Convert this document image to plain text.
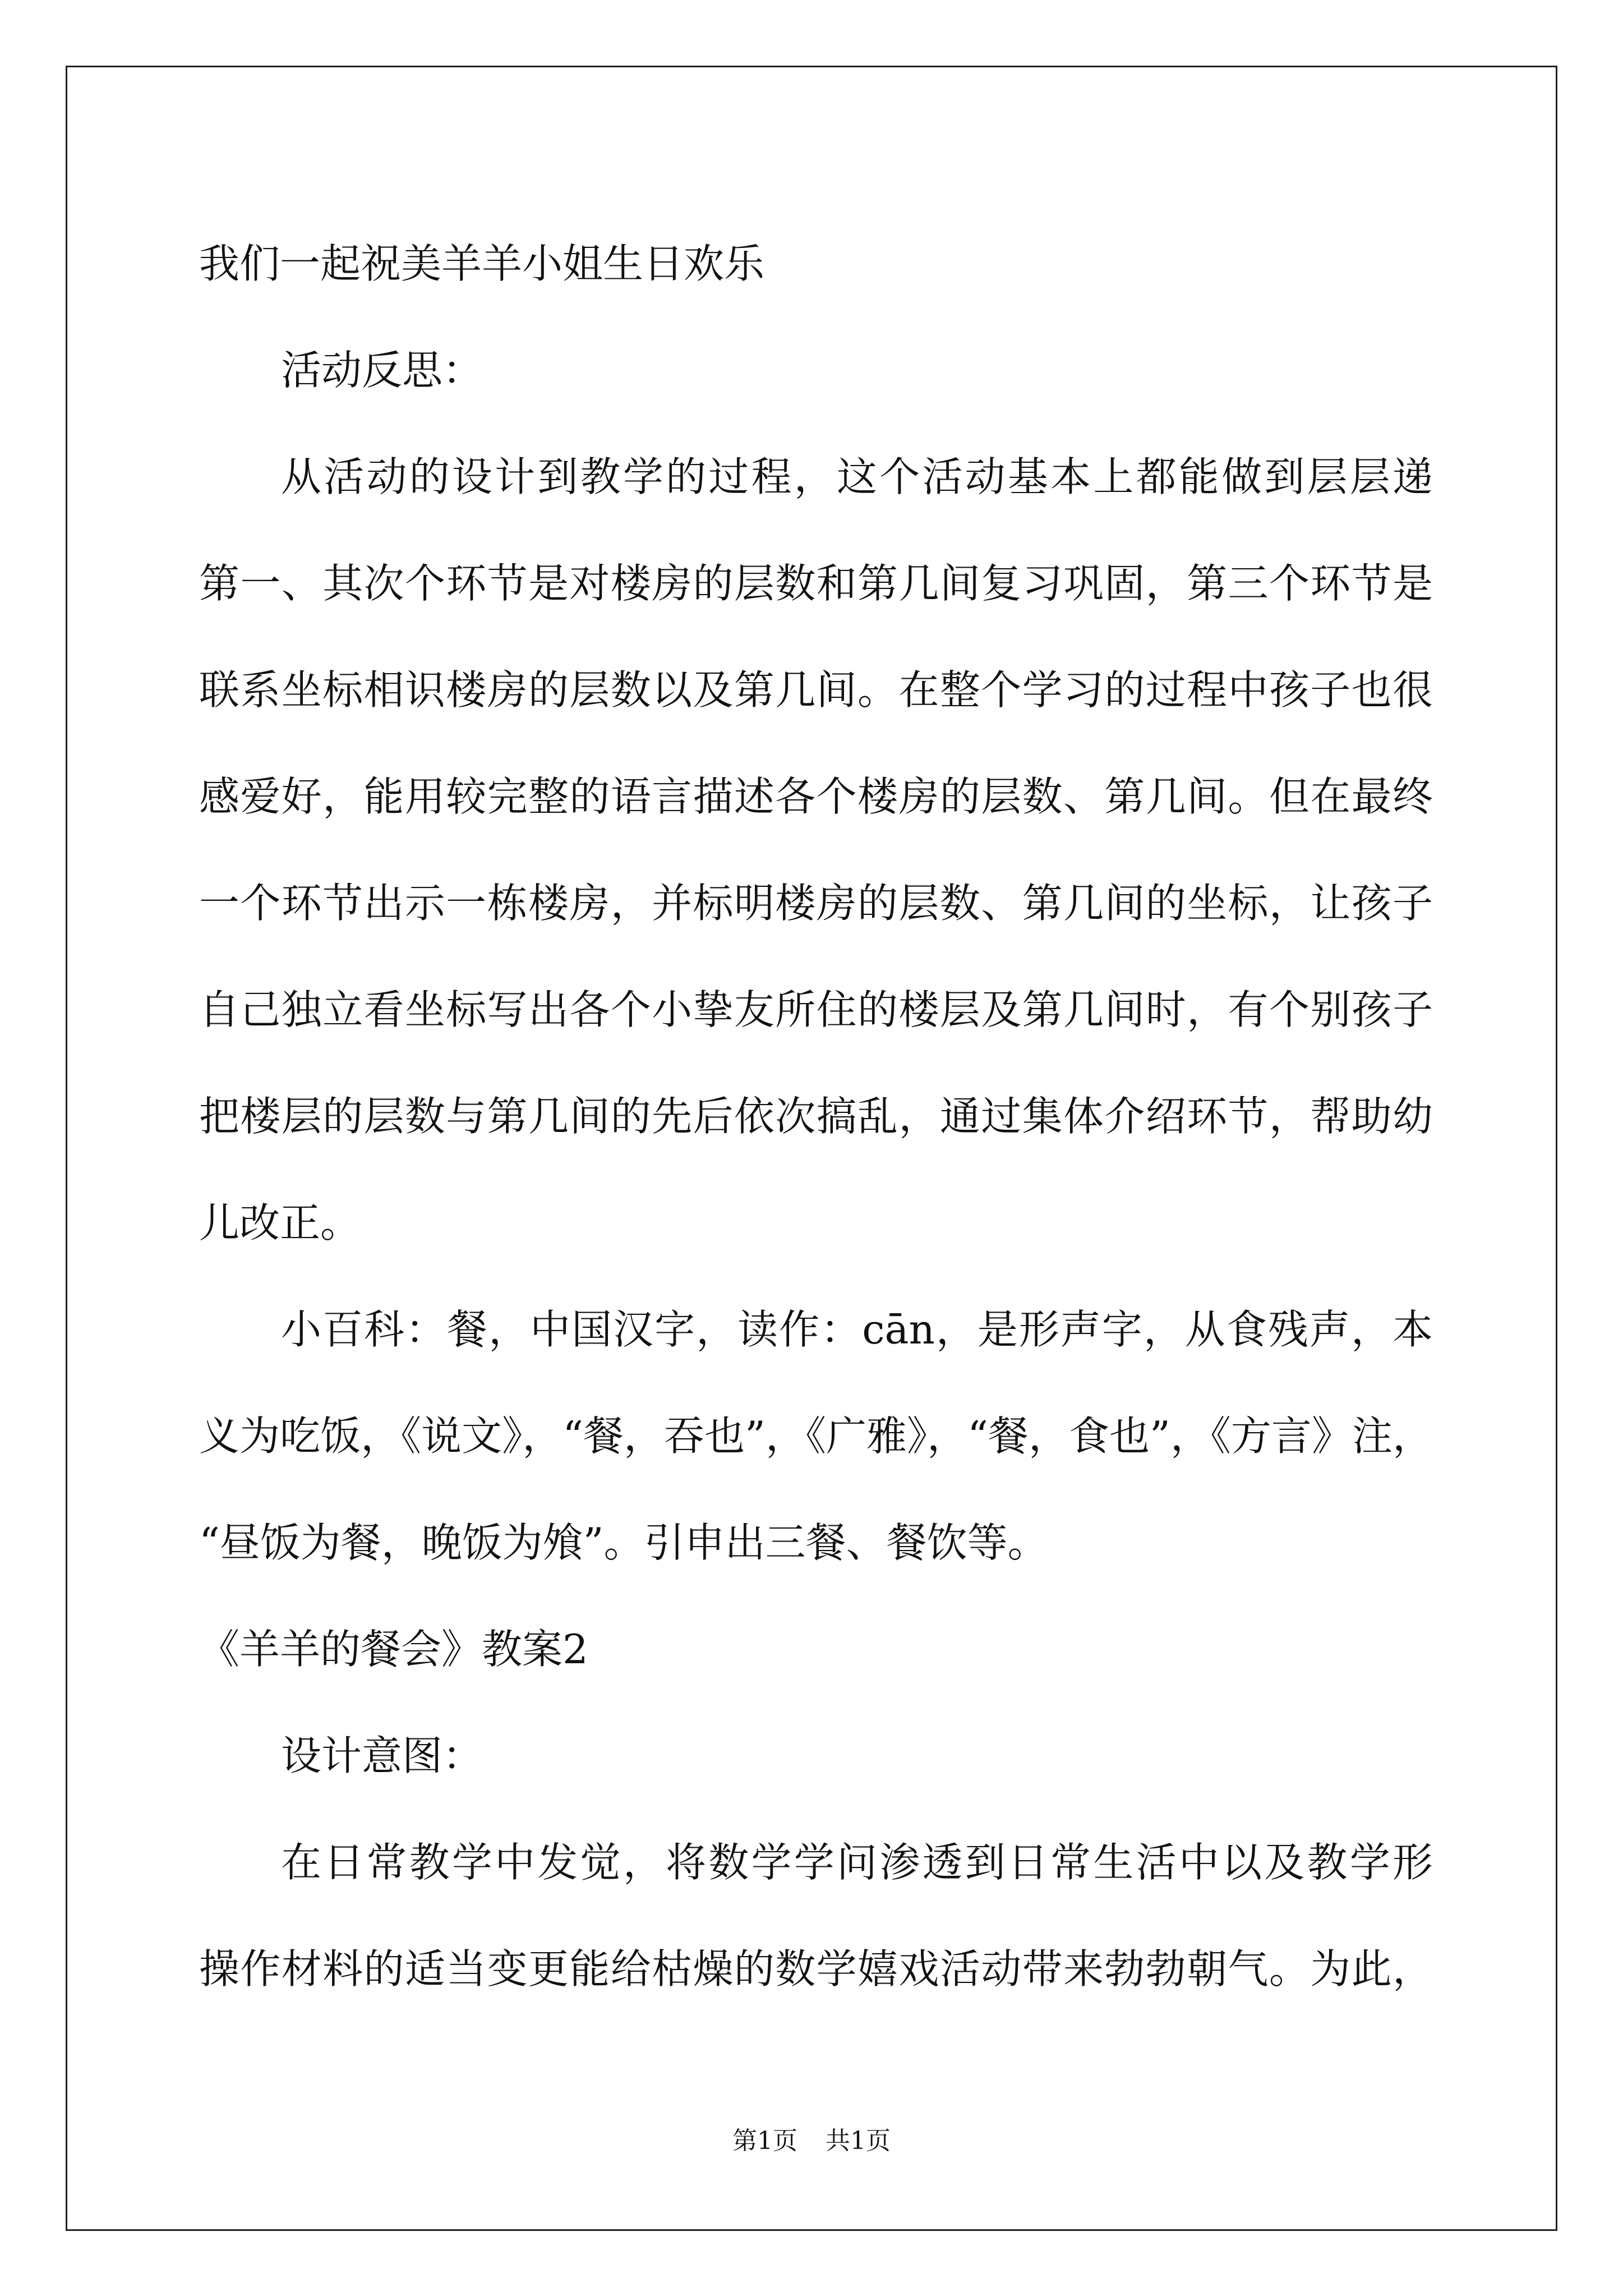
我们一起祝美羊羊小姐生日欢乐
活动反思：
从活动的设计到教学的过程，这个活动基本上都能做到层层递
第一、其次个环节是对楼房的层数和第几间复习巩固，第三个环节是
联系坐标相识楼房的层数以及第几间。在整个学习的过程中孩子也很
感爱好，能用较完整的语言描述各个楼房的层数、第几间。但在最终
一个环节出示一栋楼房，并标明楼房的层数、第几间的坐标，让孩子
自己独立看坐标写出各个小挚友所住的楼层及第几间时，有个别孩子
把楼层的层数与第几间的先后依次搞乱，通过集体介绍环节，帮助幼
儿改正。
小百科：餐，中国汉字，读作：cān，是形声字，从食残声，本
义为吃饭，《说文》，“餐，吞也”，《广雅》，“餐，食也”，《方言》注，
“昼饭为餐，晚饭为飧”。引申出三餐、餐饮等。
《羊羊的餐会》教案2
设计意图：
在日常教学中发觉，将数学学问渗透到日常生活中以及教学形
操作材料的适当变更能给枯燥的数学嬉戏活动带来勃勃朝气。为此，
第1页 共1页
